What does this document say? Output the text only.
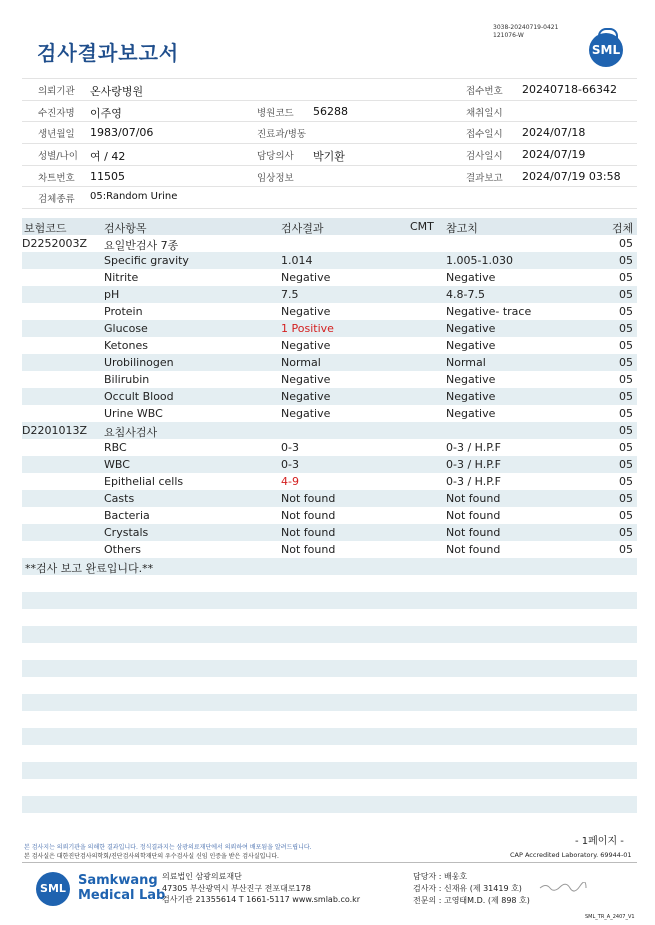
검사결과보고서
3038-20240719-0421
121076-W
SML
의뢰기관 온사랑병원	접수번호 20240718-66342
수진자명 이주영	병원코드 56288	채취일시
생년월일 1983/07/06	진료과/병동	접수일시 2024/07/18
성별/나이 여 / 42	담당의사 박기환	검사일시 2024/07/19
차트번호 11505	임상정보	결과보고 2024/07/19 03:58
검체종류 05:Random Urine
보험코드	검사항목	검사결과	CMT 참고치	검체
D2252003Z 요일반검사 7종	05
Specific gravity	1.014	1.005-1.030	05
Nitrite	Negative	Negative	05
pH	7.5	4.8-7.5	05
Protein	Negative	Negative- trace	05
Glucose	1 Positive	Negative	05
Ketones	Negative	Negative	05
Urobilinogen	Normal	Normal	05
Bilirubin	Negative	Negative	05
Occult Blood	Negative	Negative	05
Urine WBC	Negative	Negative	05
D2201013Z 요침사검사	05
RBC	0-3	0-3 / H.P.F	05
WBC	0-3	0-3 / H.P.F	05
Epithelial cells	4-9	0-3 / H.P.F	05
Casts	Not found	Not found	05
Bacteria	Not found	Not found	05
Crystals	Not found	Not found	05
Others	Not found	Not found	05
**검사 보고 완료입니다.**
- 1페이지 -
본 검사지는 의뢰기관을 의해한 결과입니다. 정식결과지는 삼광의료재단에서 의뢰하여 배포됨을 알려드립니다.
본 검사실은 대한진단검사의학회/진단검사의학재단의 우수검사실 신임 인증을 받은 검사실입니다.	CAP Accredited Laboratory. 69944-01
SML
Samkwang
Medical Lab
의료법인 삼광의료재단
47305 부산광역시 부산진구 전포대로178
검사기관 21355614 T 1661-5117 www.smlab.co.kr
담당자 : 배웅호
검사자 : 신재유 (제 31419 호)
전문의 : 고영태M.D. (제 898 호)
SML_TR_A_2407_V1
